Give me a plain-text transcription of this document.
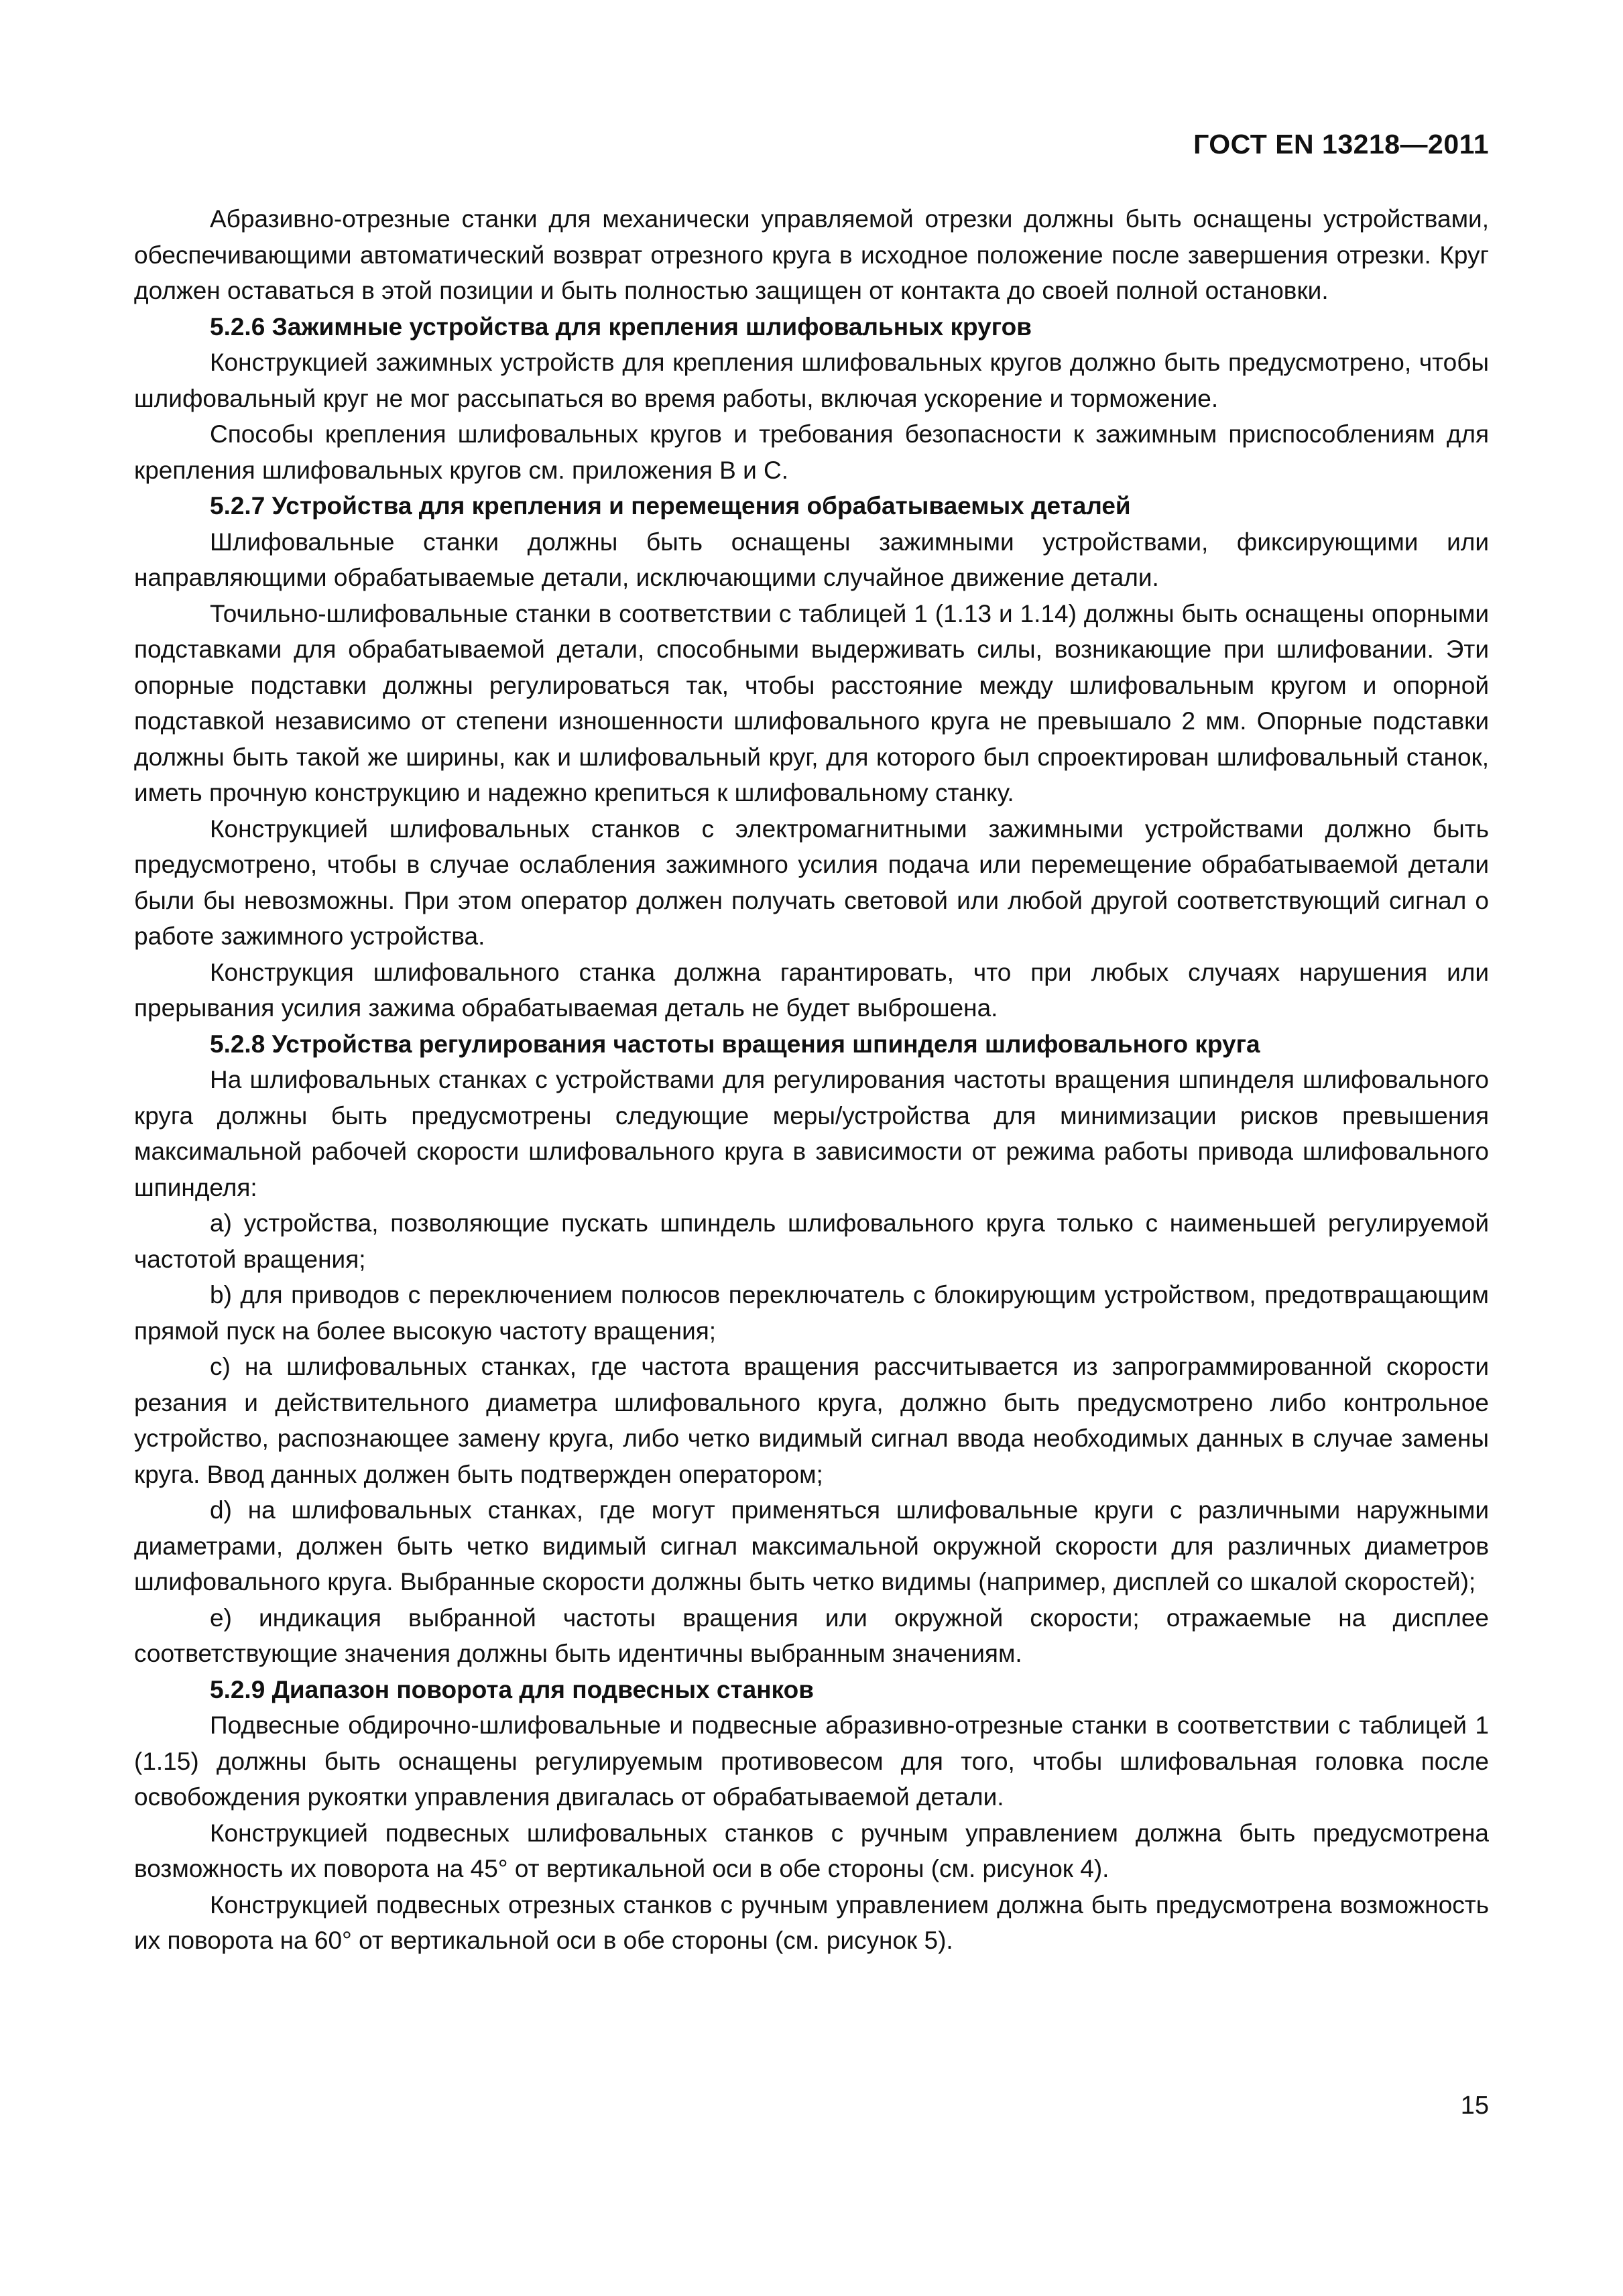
ГОСТ EN 13218—2011

Абразивно-отрезные станки для механически управляемой отрезки должны быть оснащены устройствами, обеспечивающими автоматический возврат отрезного круга в исходное положение после завершения отрезки. Круг должен оставаться в этой позиции и быть полностью защищен от контакта до своей полной остановки.

5.2.6 Зажимные устройства для крепления шлифовальных кругов

Конструкцией зажимных устройств для крепления шлифовальных кругов должно быть предусмотрено, чтобы шлифовальный круг не мог рассыпаться во время работы, включая ускорение и торможение.

Способы крепления шлифовальных кругов и требования безопасности к зажимным приспособлениям для крепления шлифовальных кругов см. приложения В и С.

5.2.7 Устройства для крепления и перемещения обрабатываемых деталей

Шлифовальные станки должны быть оснащены зажимными устройствами, фиксирующими или направляющими обрабатываемые детали, исключающими случайное движение детали.

Точильно-шлифовальные станки в соответствии с таблицей 1 (1.13 и 1.14) должны быть оснащены опорными подставками для обрабатываемой детали, способными выдерживать силы, возникающие при шлифовании. Эти опорные подставки должны регулироваться так, чтобы расстояние между шлифовальным кругом и опорной подставкой независимо от степени изношенности шлифовального круга не превышало 2 мм. Опорные подставки должны быть такой же ширины, как и шлифовальный круг, для которого был спроектирован шлифовальный станок, иметь прочную конструкцию и надежно крепиться к шлифовальному станку.

Конструкцией шлифовальных станков с электромагнитными зажимными устройствами должно быть предусмотрено, чтобы в случае ослабления зажимного усилия подача или перемещение обрабатываемой детали были бы невозможны. При этом оператор должен получать световой или любой другой соответствующий сигнал о работе зажимного устройства.

Конструкция шлифовального станка должна гарантировать, что при любых случаях нарушения или прерывания усилия зажима обрабатываемая деталь не будет выброшена.

5.2.8 Устройства регулирования частоты вращения шпинделя шлифовального круга

На шлифовальных станках с устройствами для регулирования частоты вращения шпинделя шлифовального круга должны быть предусмотрены следующие меры/устройства для минимизации рисков превышения максимальной рабочей скорости шлифовального круга в зависимости от режима работы привода шлифовального шпинделя:

a) устройства, позволяющие пускать шпиндель шлифовального круга только с наименьшей регулируемой частотой вращения;

b) для приводов с переключением полюсов переключатель с блокирующим устройством, предотвращающим прямой пуск на более высокую частоту вращения;

c) на шлифовальных станках, где частота вращения рассчитывается из запрограммированной скорости резания и действительного диаметра шлифовального круга, должно быть предусмотрено либо контрольное устройство, распознающее замену круга, либо четко видимый сигнал ввода необходимых данных в случае замены круга. Ввод данных должен быть подтвержден оператором;

d) на шлифовальных станках, где могут применяться шлифовальные круги с различными наружными диаметрами, должен быть четко видимый сигнал максимальной окружной скорости для различных диаметров шлифовального круга. Выбранные скорости должны быть четко видимы (например, дисплей со шкалой скоростей);

e) индикация выбранной частоты вращения или окружной скорости; отражаемые на дисплее соответствующие значения должны быть идентичны выбранным значениям.

5.2.9 Диапазон поворота для подвесных станков

Подвесные обдирочно-шлифовальные и подвесные абразивно-отрезные станки в соответствии с таблицей 1 (1.15) должны быть оснащены регулируемым противовесом для того, чтобы шлифовальная головка после освобождения рукоятки управления двигалась от обрабатываемой детали.

Конструкцией подвесных шлифовальных станков с ручным управлением должна быть предусмотрена возможность их поворота на 45° от вертикальной оси в обе стороны (см. рисунок 4).

Конструкцией подвесных отрезных станков с ручным управлением должна быть предусмотрена возможность их поворота на 60° от вертикальной оси в обе стороны (см. рисунок 5).

15
